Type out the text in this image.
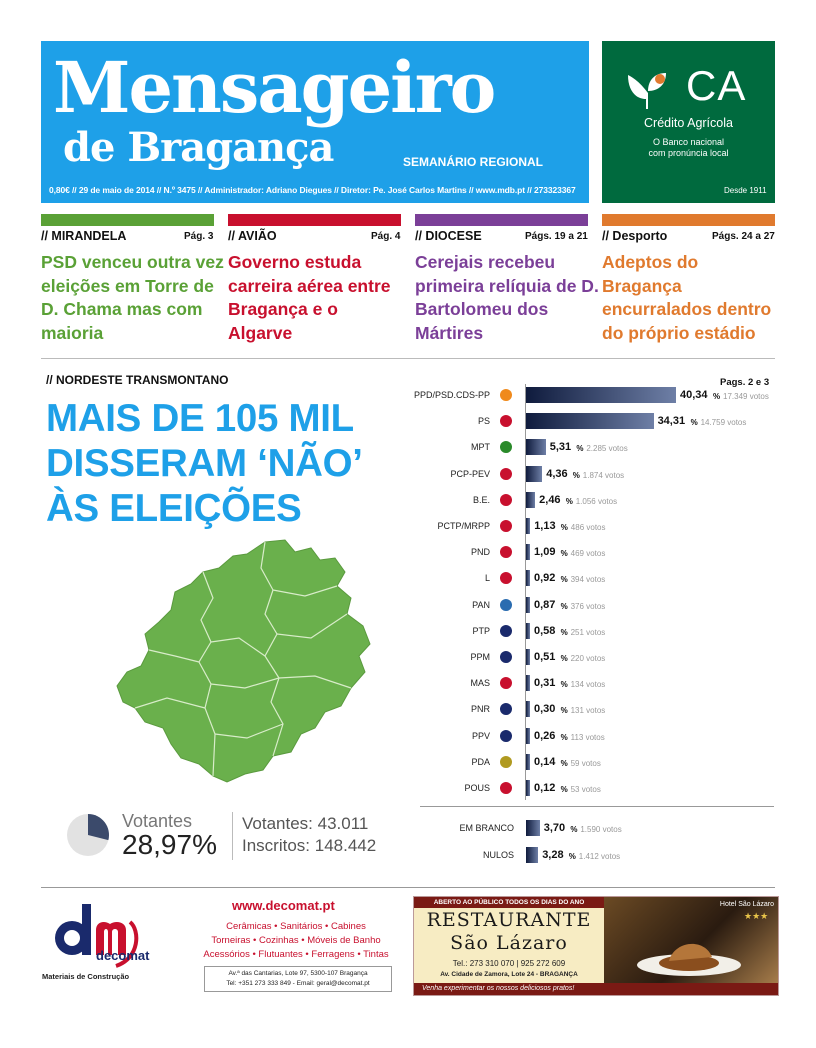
Mensageiro
de Bragança	SEMANÁRIO REGIONAL
0,80€ // 29 de maio de 2014 // N.º 3475 // Administrador: Adriano Diegues // Diretor: Pe. José Carlos Martins // www.mdb.pt // 273323367
CA
Crédito Agrícola
O Banco nacional
com pronúncia local
Desde 1911
// MIRANDELA	Pág. 3
PSD venceu outra vez eleições em Torre de D. Chama mas com maioria
// AVIÃO	Pág. 4
Governo estuda carreira aérea entre Bragança e o Algarve
// DIOCESE	Págs. 19 a 21
Cerejais recebeu primeira relíquia de D. Bartolomeu dos Mártires
// Desporto	Págs. 24 a 27
Adeptos do Bragança encurralados dentro do próprio estádio
// NORDESTE TRANSMONTANO
MAIS DE 105 MIL
DISSERAM ‘NÃO’
ÀS ELEIÇÕES
Votantes
28,97%
Votantes: 43.011
Inscritos: 148.442
Pags. 2 e 3
PPD/PSD.CDS-PP	40,34 % 17.349 votos
PS	34,31 % 14.759 votos
MPT	5,31 % 2.285 votos
PCP-PEV	4,36 % 1.874 votos
B.E.	2,46 % 1.056 votos
PCTP/MRPP	1,13 % 486 votos
PND	1,09 % 469 votos
L	0,92 % 394 votos
PAN	0,87 % 376 votos
PTP	0,58 % 251 votos
PPM	0,51 % 220 votos
MAS	0,31 % 134 votos
PNR	0,30 % 131 votos
PPV	0,26 % 113 votos
PDA	0,14 % 59 votos
POUS	0,12 % 53 votos
EM BRANCO	3,70 % 1.590 votos
NULOS	3,28 % 1.412 votos
decomat
Materiais de Construção
www.decomat.pt
Cerâmicas • Sanitários • Cabines
Torneiras • Cozinhas • Móveis de Banho
Acessórios • Flutuantes • Ferragens • Tintas
Av.ª das Cantarias, Lote 97, 5300-107 Bragança
Tel: +351 273 333 849 - Email: geral@decomat.pt
ABERTO AO PÚBLICO TODOS OS DIAS DO ANO
RESTAURANTE
São Lázaro
Tel.: 273 310 070 | 925 272 609
Av. Cidade de Zamora, Lote 24 - BRAGANÇA
Hotel São Lázaro
★★★
Venha experimentar os nossos deliciosos pratos!
